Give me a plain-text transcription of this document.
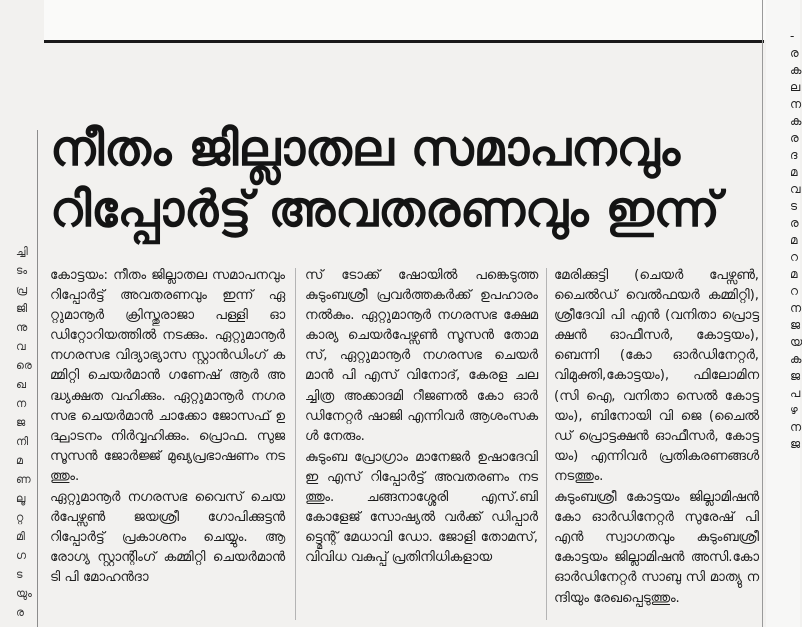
ച്ചി ടം പ്ര ജി നു വ രെ ഖ ന ജ നി മ ണ ലൂ റ്റ മി ഗ ട യും ര
-
ര
ക
ല
ന
ക
ര
ദ
മ
വ
ട
ര
മ
റ
മ
റ
ന
ജ
യ
ക
ജ
പ
ഴ
ന
ജ
നീതം ജില്ലാതല സമാപനവും
റിപ്പോർട്ട് അവതരണവും ഇന്ന്

കോട്ടയം: നീതം ജില്ലാതല സമാപനവും റിപ്പോർട്ട് അവതരണവും ഇന്ന് ഏറ്റുമാനൂർ ക്രിസ്തുരാജാ പള്ളി ഓഡിറ്റോറിയത്തിൽ നടക്കും. ഏറ്റുമാനൂർ നഗരസഭ വിദ്യാഭ്യാസ സ്റ്റാൻഡിംഗ് കമ്മിറ്റി ചെയർമാൻ ഗണേഷ് ആർ അദ്ധ്യക്ഷത വഹിക്കും. ഏറ്റുമാനൂർ നഗരസഭ ചെയർമാൻ ചാക്കോ ജോസഫ് ഉദ്ഘാടനം നിർവ്വഹിക്കും. പ്രൊഫ. സുജ സൂസൻ ജോർജ്ജ് മുഖ്യപ്രഭാഷണം നടത്തും.

ഏറ്റുമാനൂർ നഗരസഭ വൈസ് ചെയർപേഴ്സൺ ജയശ്രീ ഗോപിക്കുട്ടൻ റിപ്പോർട്ട് പ്രകാശനം ചെയ്യും. ആരോഗ്യ സ്റ്റാന്റിംഗ് കമ്മിറ്റി ചെയർമാൻ ടി പി മോഹൻദാ

സ് ടോക്ക് ഷോയിൽ പങ്കെടുത്ത കുടുംബശ്രീ പ്രവർത്തകർക്ക് ഉപഹാരം നൽകും. ഏറ്റുമാനൂർ നഗരസഭ ക്ഷേമകാര്യ ചെയർപേഴ്സൺ സൂസൻ തോമസ്, ഏറ്റുമാനൂർ നഗരസഭ ചെയർമാൻ പി എസ് വിനോദ്, കേരള ചലച്ചിത്ര അക്കാദമി റീജണൽ കോ ഓർഡിനേറ്റർ ഷാജി എന്നിവർ ആശംസകൾ നേരും.

കുടുംബ പ്രോഗ്രാം മാനേജർ ഉഷാദേവി ഇ എസ് റിപ്പോർട്ട് അവതരണം നടത്തും. ചങ്ങനാശ്ശേരി എസ്.ബി കോളേജ് സോഷ്യൽ വർക്ക് ഡിപ്പാർട്ട്മെന്റ് മേധാവി ഡോ. ജോളി തോമസ്, വിവിധ വകുപ്പ് പ്രതിനിധികളായ

മേരിക്കുട്ടി (ചെയർ പേഴ്സൺ, ചൈൽഡ് വെൽഫയർ കമ്മിറ്റി), ശ്രീദേവി പി എൻ (വനിതാ പ്രൊട്ടക്ഷൻ ഓഫീസർ, കോട്ടയം), ബെന്നി (കോ ഓർഡിനേറ്റർ, വിമുക്തി,കോട്ടയം), ഫിലോമിന (സി ഐ, വനിതാ സെൽ കോട്ടയം), ബിനോയി വി ജെ (ചൈൽഡ് പ്രൊട്ടക്ഷൻ ഓഫീസർ, കോട്ടയം) എന്നിവർ പ്രതികരണങ്ങൾ നടത്തും.

കുടുംബശ്രീ കോട്ടയം ജില്ലാമിഷൻ കോ ഓർഡിനേറ്റർ സുരേഷ് പി എൻ സ്വാഗതവും കുടുംബശ്രീ കോട്ടയം ജില്ലാമിഷൻ അസി.കോ ഓർഡിനേറ്റർ സാബു സി മാത്യു നന്ദിയും രേഖപ്പെടുത്തും.
